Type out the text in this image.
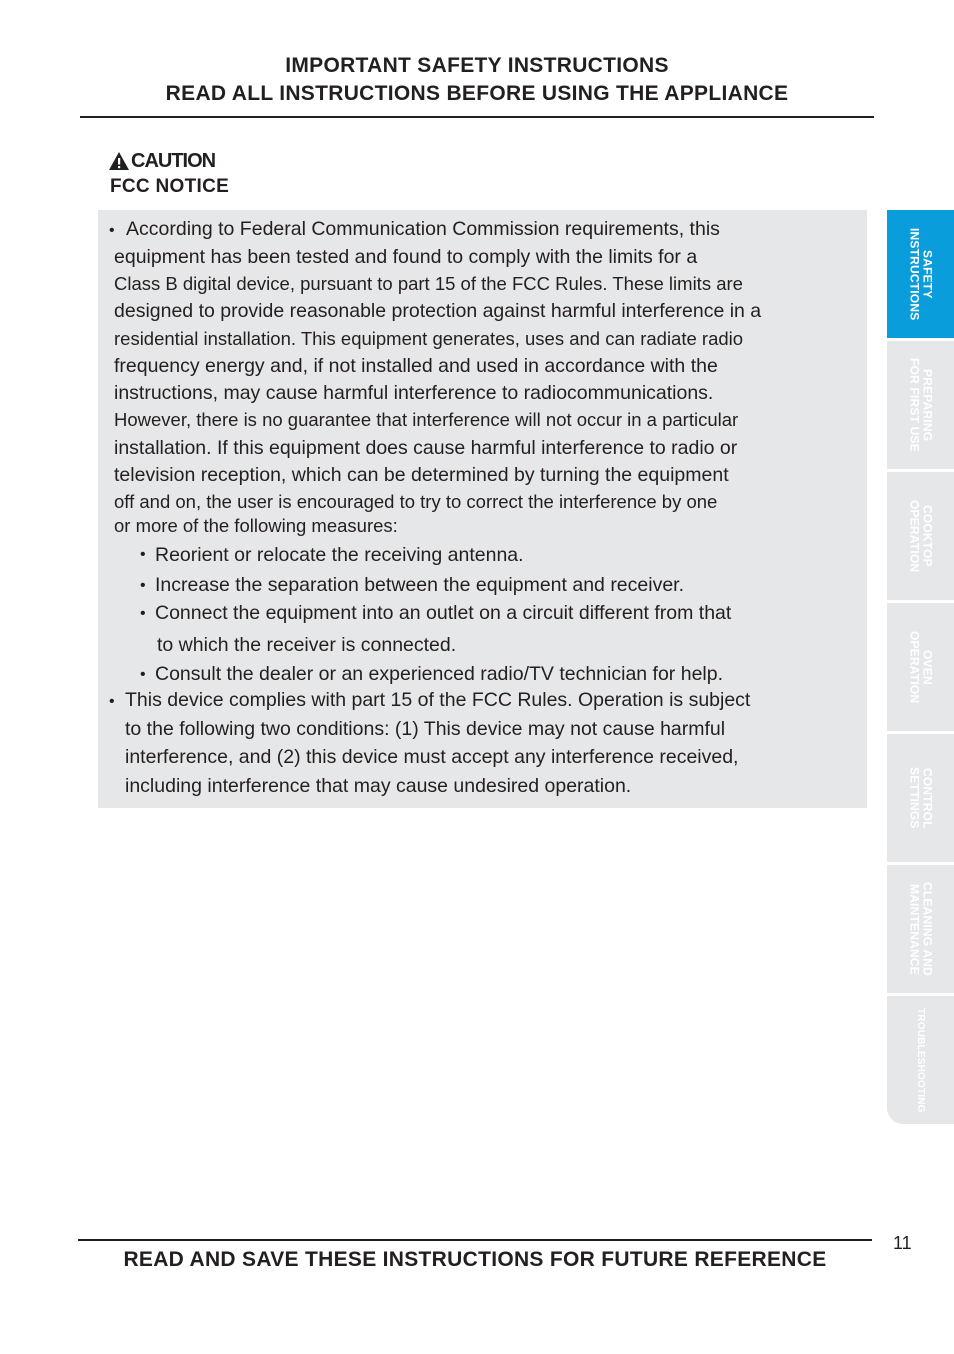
IMPORTANT SAFETY INSTRUCTIONS
READ ALL INSTRUCTIONS BEFORE USING THE APPLIANCE
CAUTION
FCC NOTICE
• According to Federal Communication Commission requirements, this
equipment has been tested and found to comply with the limits for a
Class B digital device, pursuant to part 15 of the FCC Rules. These limits are
designed to provide reasonable protection against harmful interference in a
residential installation. This equipment generates, uses and can radiate radio
frequency energy and, if not installed and used in accordance with the
instructions, may cause harmful interference to radiocommunications.
However, there is no guarantee that interference will not occur in a particular
installation. If this equipment does cause harmful interference to radio or
television reception, which can be determined by turning the equipment
off and on, the user is encouraged to try to correct the interference by one
or more of the following measures:
• Reorient or relocate the receiving antenna.
• Increase the separation between the equipment and receiver.
• Connect the equipment into an outlet on a circuit different from that
to which the receiver is connected.
• Consult the dealer or an experienced radio/TV technician for help.
• This device complies with part 15 of the FCC Rules. Operation is subject
to the following two conditions: (1) This device may not cause harmful
interference, and (2) this device must accept any interference received,
including interference that may cause undesired operation.
SAFETY
INSTRUCTIONS
PREPARING
FOR FIRST USE
COOKTOP
OPERATION
OVEN
OPERATION
CONTROL
SETTINGS
CLEANING AND
MAINTENANCE
TROUBLESHOOTING
11
READ AND SAVE THESE INSTRUCTIONS FOR FUTURE REFERENCE
